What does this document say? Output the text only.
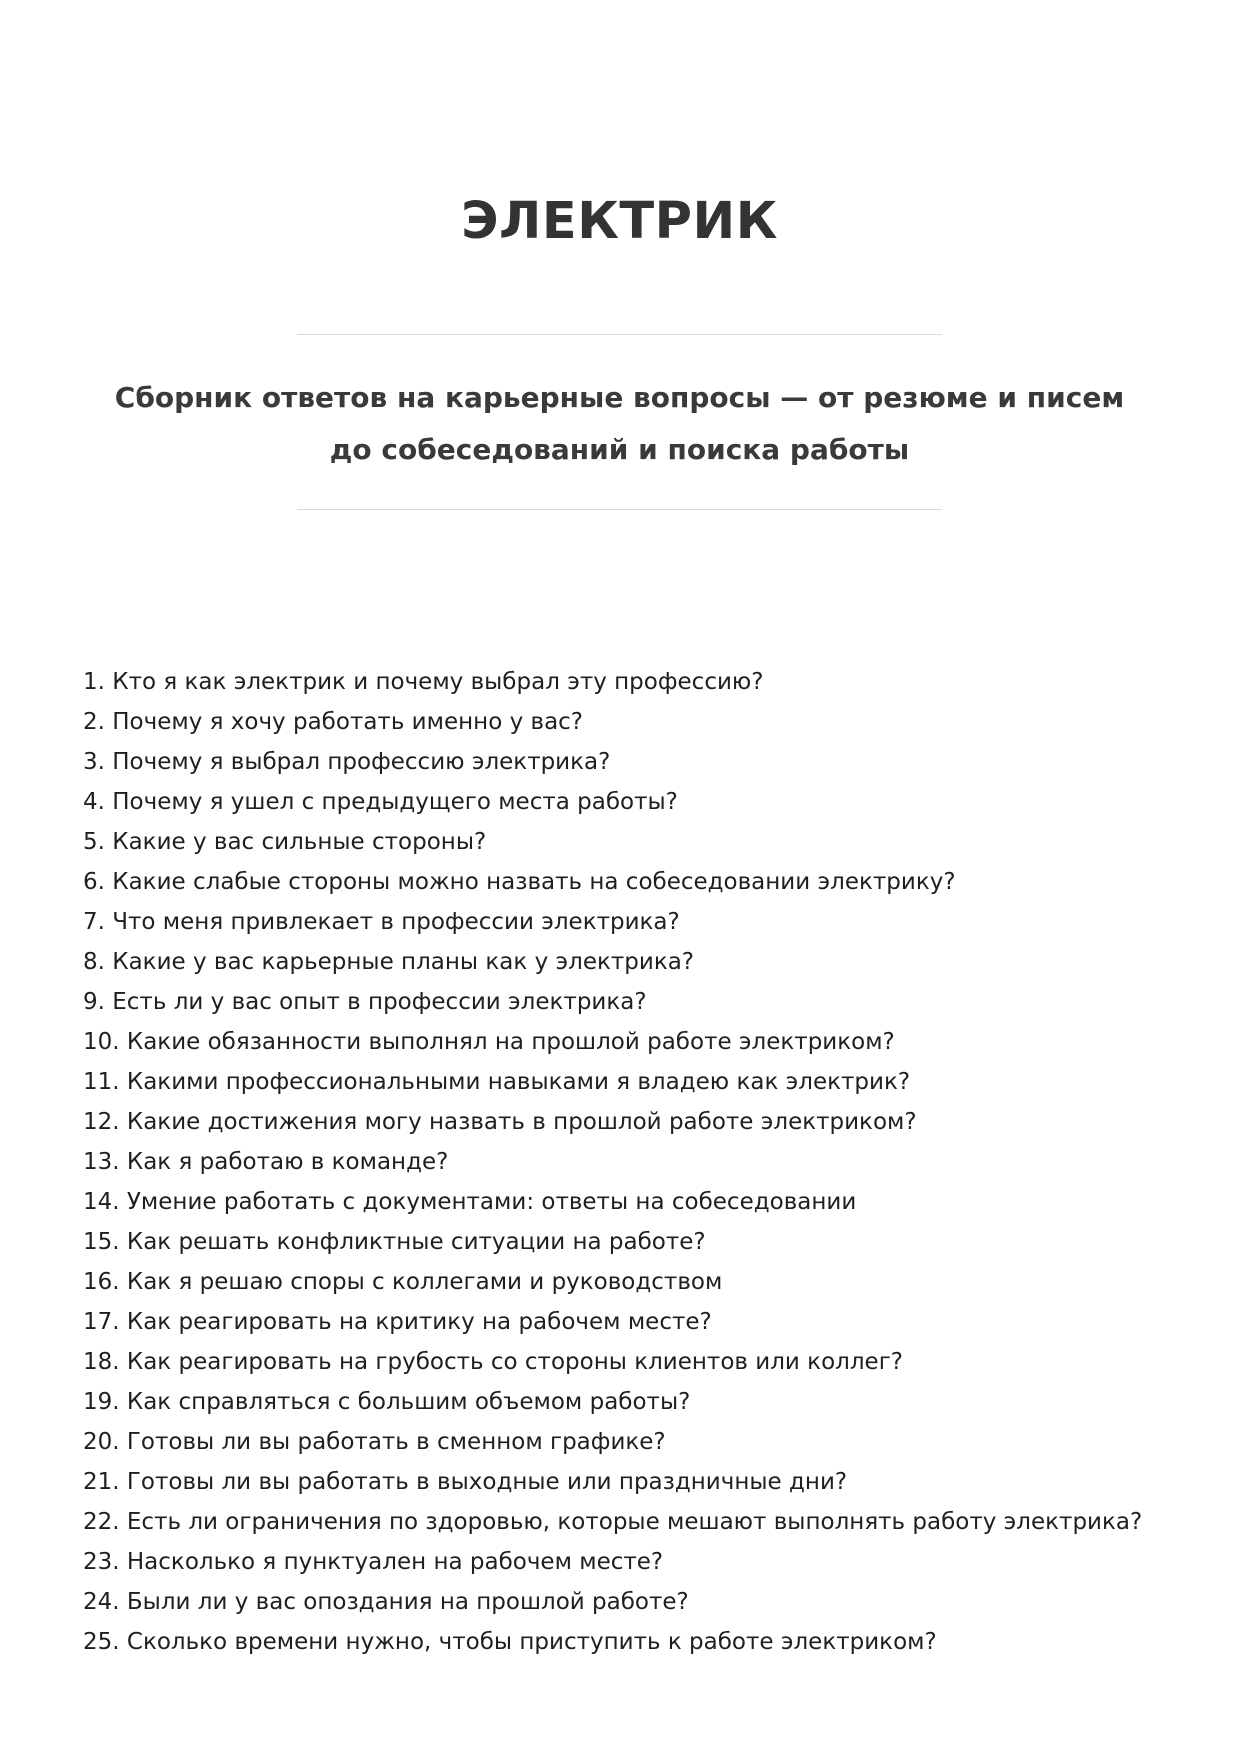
ЭЛЕКТРИК

Сборник ответов на карьерные вопросы — от резюме и писем до собеседований и поиска работы

1. Кто я как электрик и почему выбрал эту профессию?
2. Почему я хочу работать именно у вас?
3. Почему я выбрал профессию электрика?
4. Почему я ушел с предыдущего места работы?
5. Какие у вас сильные стороны?
6. Какие слабые стороны можно назвать на собеседовании электрику?
7. Что меня привлекает в профессии электрика?
8. Какие у вас карьерные планы как у электрика?
9. Есть ли у вас опыт в профессии электрика?
10. Какие обязанности выполнял на прошлой работе электриком?
11. Какими профессиональными навыками я владею как электрик?
12. Какие достижения могу назвать в прошлой работе электриком?
13. Как я работаю в команде?
14. Умение работать с документами: ответы на собеседовании
15. Как решать конфликтные ситуации на работе?
16. Как я решаю споры с коллегами и руководством
17. Как реагировать на критику на рабочем месте?
18. Как реагировать на грубость со стороны клиентов или коллег?
19. Как справляться с большим объемом работы?
20. Готовы ли вы работать в сменном графике?
21. Готовы ли вы работать в выходные или праздничные дни?
22. Есть ли ограничения по здоровью, которые мешают выполнять работу электрика?
23. Насколько я пунктуален на рабочем месте?
24. Были ли у вас опоздания на прошлой работе?
25. Сколько времени нужно, чтобы приступить к работе электриком?
